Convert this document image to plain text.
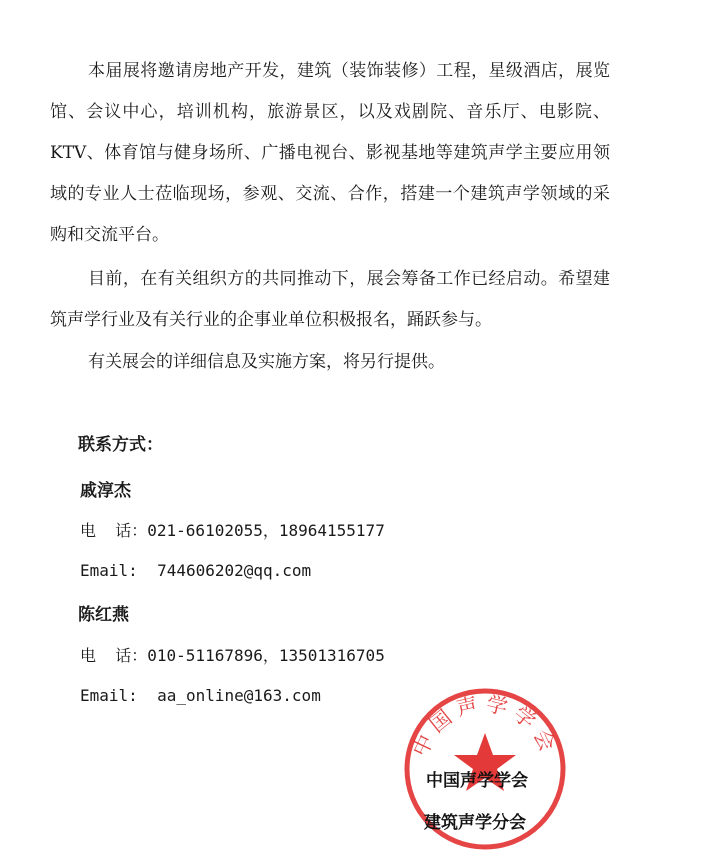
本届展将邀请房地产开发，建筑（装饰装修）工程，星级酒店，展览馆、会议中心，培训机构，旅游景区，以及戏剧院、音乐厅、电影院、KTV、体育馆与健身场所、广播电视台、影视基地等建筑声学主要应用领域的专业人士莅临现场，参观、交流、合作，搭建一个建筑声学领域的采购和交流平台。

目前，在有关组织方的共同推动下，展会筹备工作已经启动。希望建筑声学行业及有关行业的企事业单位积极报名，踊跃参与。

有关展会的详细信息及实施方案，将另行提供。

联系方式：
戚淳杰
电  话：021-66102055，18964155177
Email:  744606202@qq.com
陈红燕
电  话：010-51167896，13501316705
Email:  aa_online@163.com
中国声学学会
中国声学学会
建筑声学分会
